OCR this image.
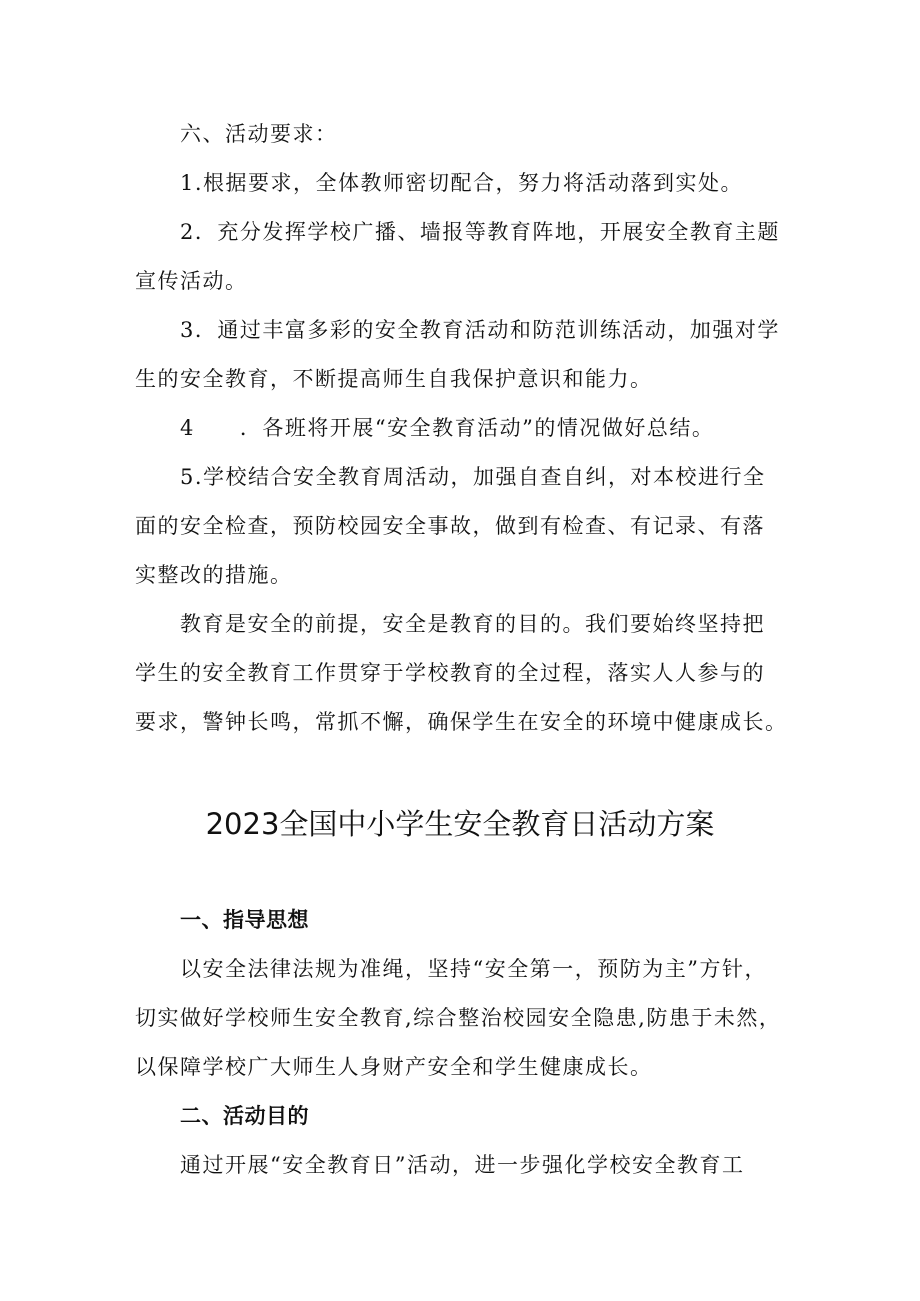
六、活动要求：
1.根据要求，全体教师密切配合，努力将活动落到实处。
2．充分发挥学校广播、墙报等教育阵地，开展安全教育主题
宣传活动。
3．通过丰富多彩的安全教育活动和防范训练活动，加强对学
生的安全教育，不断提高师生自我保护意识和能力。
4　　．各班将开展“安全教育活动”的情况做好总结。
5.学校结合安全教育周活动，加强自查自纠，对本校进行全
面的安全检查，预防校园安全事故，做到有检查、有记录、有落
实整改的措施。
教育是安全的前提，安全是教育的目的。我们要始终坚持把
学生的安全教育工作贯穿于学校教育的全过程，落实人人参与的
要求，警钟长鸣，常抓不懈，确保学生在安全的环境中健康成长。
2023全国中小学生安全教育日活动方案
一、指导思想
以安全法律法规为准绳，坚持“安全第一，预防为主”方针，
切实做好学校师生安全教育,综合整治校园安全隐患,防患于未然，
以保障学校广大师生人身财产安全和学生健康成长。
二、活动目的
通过开展“安全教育日”活动，进一步强化学校安全教育工
